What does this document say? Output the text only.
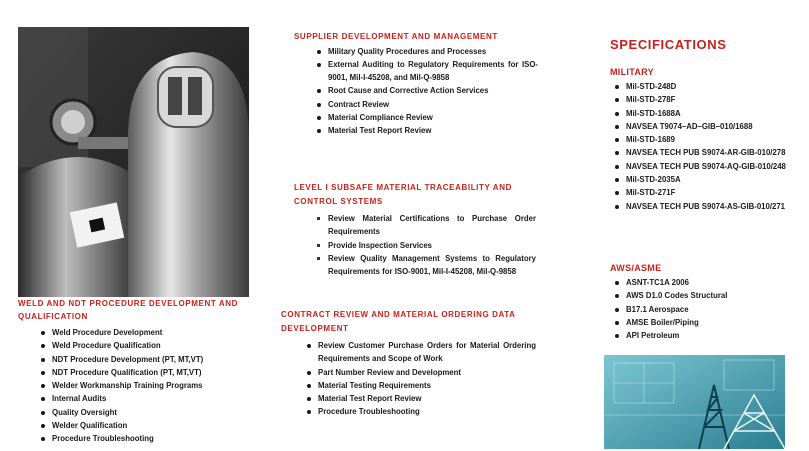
WELD AND NDT PROCEDURE DEVELOPMENT AND QUALIFICATION

Weld Procedure Development
Weld Procedure Qualification
NDT Procedure Development (PT, MT,VT)
NDT Procedure Qualification (PT, MT,VT)
Welder Workmanship Training Programs
Internal Audits
Quality Oversight
Welder Qualification
Procedure Troubleshooting

SUPPLIER DEVELOPMENT AND MANAGEMENT

Military Quality Procedures and Processes
External Auditing to Regulatory Requirements for ISO-9001, Mil-I-45208, and Mil-Q-9858
Root Cause and Corrective Action Services
Contract Review
Material Compliance Review
Material Test Report Review

LEVEL I SUBSAFE MATERIAL TRACEABILITY AND CONTROL SYSTEMS

Review Material Certifications to Purchase Order Requirements
Provide Inspection Services
Review Quality Management Systems to Regulatory Requirements for ISO-9001, Mil-I-45208, Mil-Q-9858

CONTRACT REVIEW AND MATERIAL ORDERING DATA DEVELOPMENT

Review Customer Purchase Orders for Material Ordering Requirements and Scope of Work
Part Number Review and Development
Material Testing Requirements
Material Test Report Review
Procedure Troubleshooting
SPECIFICATIONS

MILITARY

Mil-STD-248D
Mil-STD-278F
Mil-STD-1688A
NAVSEA T9074–AD–GIB–010/1688
Mil-STD-1689
NAVSEA TECH PUB S9074-AR-GIB-010/278
NAVSEA TECH PUB S9074-AQ-GIB-010/248
Mil-STD-2035A
Mil-STD-271F
NAVSEA TECH PUB S9074-AS-GIB-010/271

AWS/ASME

ASNT-TC1A 2006
AWS D1.0 Codes Structural
B17.1 Aerospace
AMSE Boiler/Piping
API Petroleum
